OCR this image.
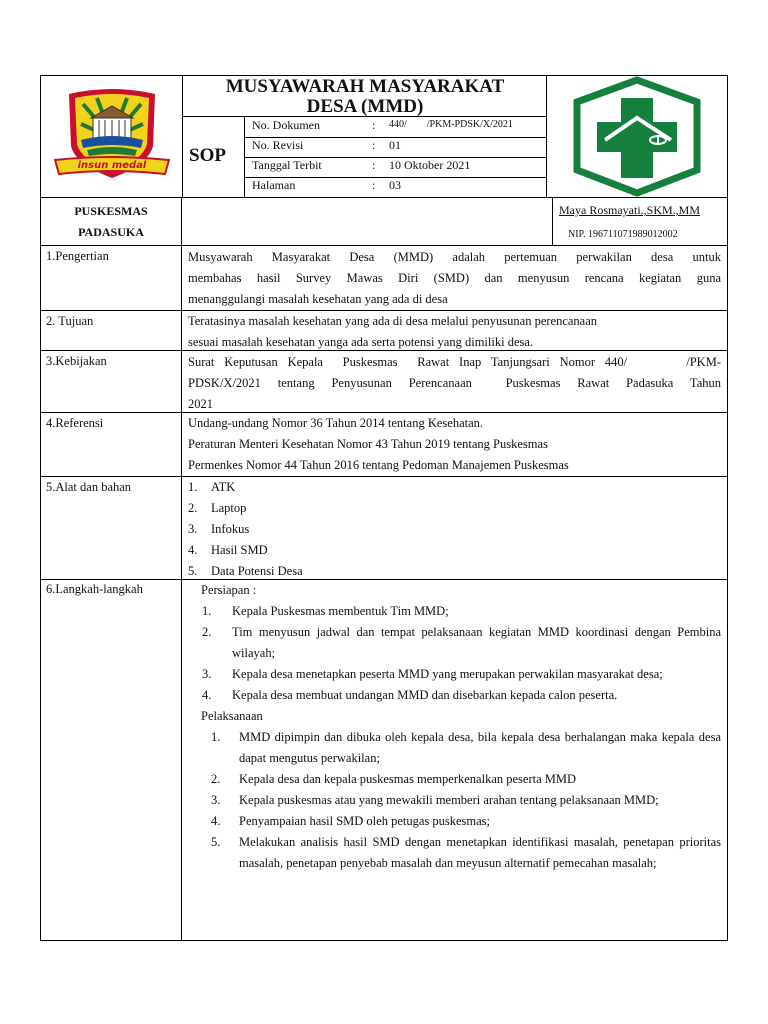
insun medal
MUSYAWARAH MASYARAKAT
DESA (MMD)
SOP
No. Dokumen	: 440/        /PKM-PDSK/X/2021
No. Revisi	: 01
Tanggal Terbit	: 10 Oktober 2021
Halaman	: 03
PUSKESMAS
PADASUKA
Maya Rosmayati.,SKM.,MM
NIP. 196711071989012002
1.Pengertian	Musyawarah Masyarakat Desa (MMD) adalah pertemuan perwakilan desa untuk
membahas hasil Survey Mawas Diri (SMD) dan menyusun rencana kegiatan guna
menanggulangi masalah kesehatan yang ada di desa
2. Tujuan	Teratasinya masalah kesehatan yang ada di desa melalui penyusunan perencanaan
sesuai masalah kesehatan yanga ada serta potensi yang dimiliki desa.
3.Kebijakan	Surat Keputusan Kepala  Puskesmas  Rawat Inap Tanjungsari Nomor 440/      /PKM-
PDSK/X/2021 tentang Penyusunan Perencanaan  Puskesmas Rawat Padasuka Tahun
2021
4.Referensi	Undang-undang Nomor 36 Tahun 2014 tentang Kesehatan.
Peraturan Menteri Kesehatan Nomor 43 Tahun 2019 tentang Puskesmas
Permenkes Nomor 44 Tahun 2016 tentang Pedoman Manajemen Puskesmas
5.Alat dan bahan	1. ATK
2. Laptop
3. Infokus
4. Hasil SMD
5. Data Potensi Desa
6.Langkah-langkah	Persiapan :
1. Kepala Puskesmas membentuk Tim MMD;
2. Tim menyusun jadwal dan tempat pelaksanaan kegiatan MMD koordinasi dengan Pembina wilayah;
3. Kepala desa menetapkan peserta MMD yang merupakan perwakilan masyarakat desa;
4. Kepala desa membuat undangan MMD dan disebarkan kepada calon peserta.
Pelaksanaan
1. MMD dipimpin dan dibuka oleh kepala desa, bila kepala desa berhalangan maka kepala desa dapat mengutus perwakilan;
2. Kepala desa dan kepala puskesmas memperkenalkan peserta MMD
3. Kepala puskesmas atau yang mewakili memberi arahan tentang pelaksanaan MMD;
4. Penyampaian hasil SMD oleh petugas puskesmas;
5. Melakukan analisis hasil SMD dengan menetapkan identifikasi masalah, penetapan prioritas masalah, penetapan penyebab masalah dan meyusun alternatif pemecahan masalah;
